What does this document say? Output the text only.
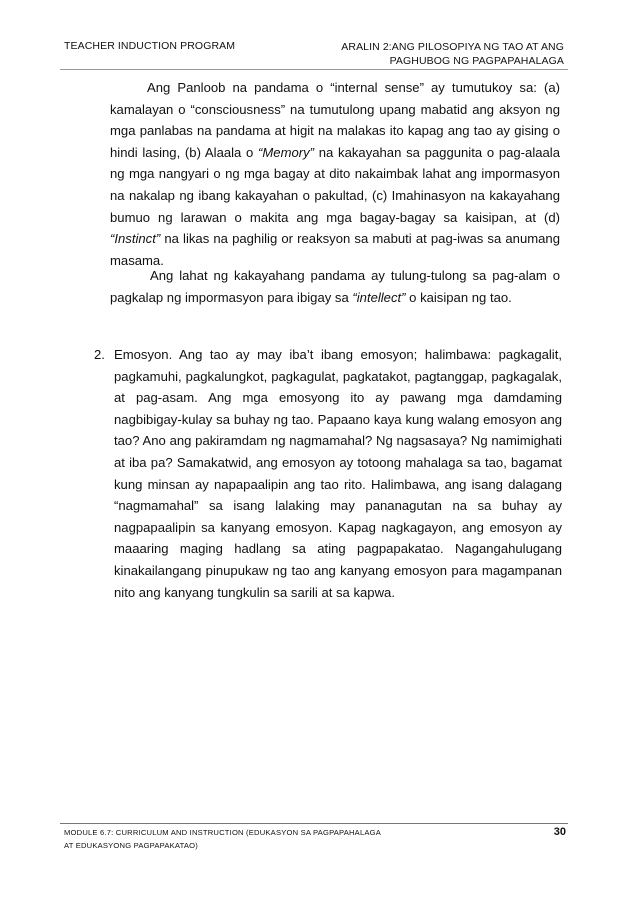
TEACHER INDUCTION PROGRAM	ARALIN 2:ANG PILOSOPIYA NG TAO AT ANG
PAGHUBOG NG PAGPAPAHALAGA

Ang Panloob na pandama o “internal sense” ay tumutukoy sa: (a) kamalayan o “consciousness” na tumutulong upang mabatid ang aksyon ng mga panlabas na pandama at higit na malakas ito kapag ang tao ay gising o hindi lasing, (b) Alaala o “Memory” na kakayahan sa paggunita o pag-alaala ng mga nangyari o ng mga bagay at dito nakaimbak lahat ang impormasyon na nakalap ng ibang kakayahan o pakultad, (c) Imahinasyon na kakayahang bumuo ng larawan o makita ang mga bagay-bagay sa kaisipan, at (d) “Instinct” na likas na paghilig or reaksyon sa mabuti at pag-iwas sa anumang masama.

Ang lahat ng kakayahang pandama ay tulung-tulong sa pag-alam o pagkalap ng impormasyon para ibigay sa “intellect” o kaisipan ng tao.

2. Emosyon. Ang tao ay may iba’t ibang emosyon; halimbawa: pagkagalit, pagkamuhi, pagkalungkot, pagkagulat, pagkatakot, pagtanggap, pagkagalak, at pag-asam. Ang mga emosyong ito ay pawang mga damdaming nagbibigay-kulay sa buhay ng tao. Papaano kaya kung walang emosyon ang tao? Ano ang pakiramdam ng nagmamahal? Ng nagsasaya? Ng namimighati at iba pa? Samakatwid, ang emosyon ay totoong mahalaga sa tao, bagamat kung minsan ay napapaalipin ang tao rito. Halimbawa, ang isang dalagang “nagmamahal” sa isang lalaking may pananagutan na sa buhay ay nagpapaalipin sa kanyang emosyon. Kapag nagkagayon, ang emosyon ay maaaring maging hadlang sa ating pagpapakatao. Nagangahulugang kinakailangang pinupukaw ng tao ang kanyang emosyon para magampanan nito ang kanyang tungkulin sa sarili at sa kapwa.

MODULE 6.7: CURRICULUM AND INSTRUCTION (EDUKASYON SA PAGPAPAHALAGA
AT EDUKASYONG PAGPAPAKATAO)
30
